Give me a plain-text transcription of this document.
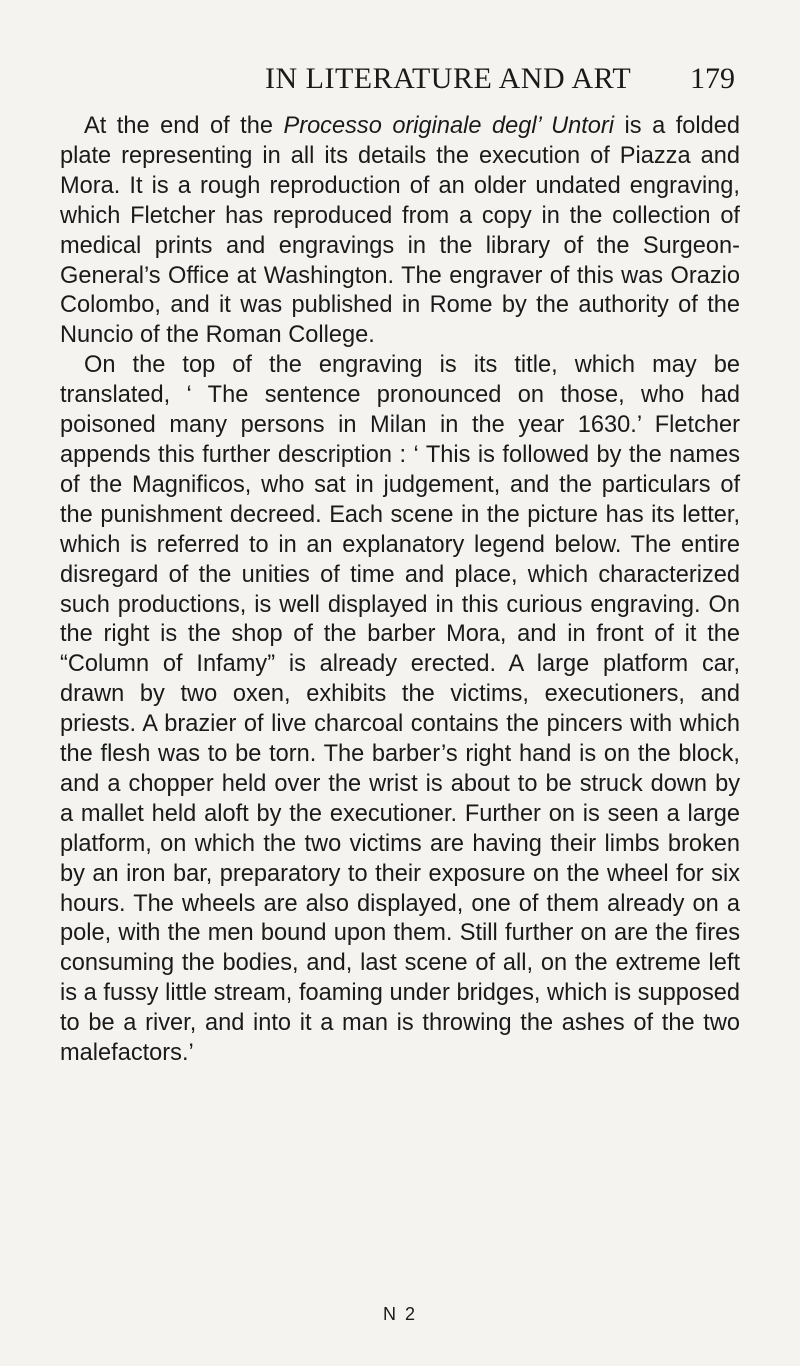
IN LITERATURE AND ART 179

At the end of the Processo originale degl’ Untori is a folded plate representing in all its details the execution of Piazza and Mora. It is a rough reproduction of an older undated engraving, which Fletcher has reproduced from a copy in the collection of medical prints and engravings in the library of the Surgeon-General’s Office at Washington. The engraver of this was Orazio Colombo, and it was published in Rome by the authority of the Nuncio of the Roman College.

On the top of the engraving is its title, which may be translated, ‘ The sentence pronounced on those, who had poisoned many persons in Milan in the year 1630.’ Fletcher appends this further description : ‘ This is followed by the names of the Magnificos, who sat in judgement, and the particulars of the punishment decreed. Each scene in the picture has its letter, which is referred to in an explanatory legend below. The entire disregard of the unities of time and place, which characterized such productions, is well displayed in this curious engraving. On the right is the shop of the barber Mora, and in front of it the “Column of Infamy” is already erected. A large platform car, drawn by two oxen, exhibits the victims, executioners, and priests. A brazier of live charcoal contains the pincers with which the flesh was to be torn. The barber’s right hand is on the block, and a chopper held over the wrist is about to be struck down by a mallet held aloft by the executioner. Further on is seen a large platform, on which the two victims are having their limbs broken by an iron bar, preparatory to their exposure on the wheel for six hours. The wheels are also displayed, one of them already on a pole, with the men bound upon them. Still further on are the fires consuming the bodies, and, last scene of all, on the extreme left is a fussy little stream, foaming under bridges, which is supposed to be a river, and into it a man is throwing the ashes of the two malefactors.’

N 2
